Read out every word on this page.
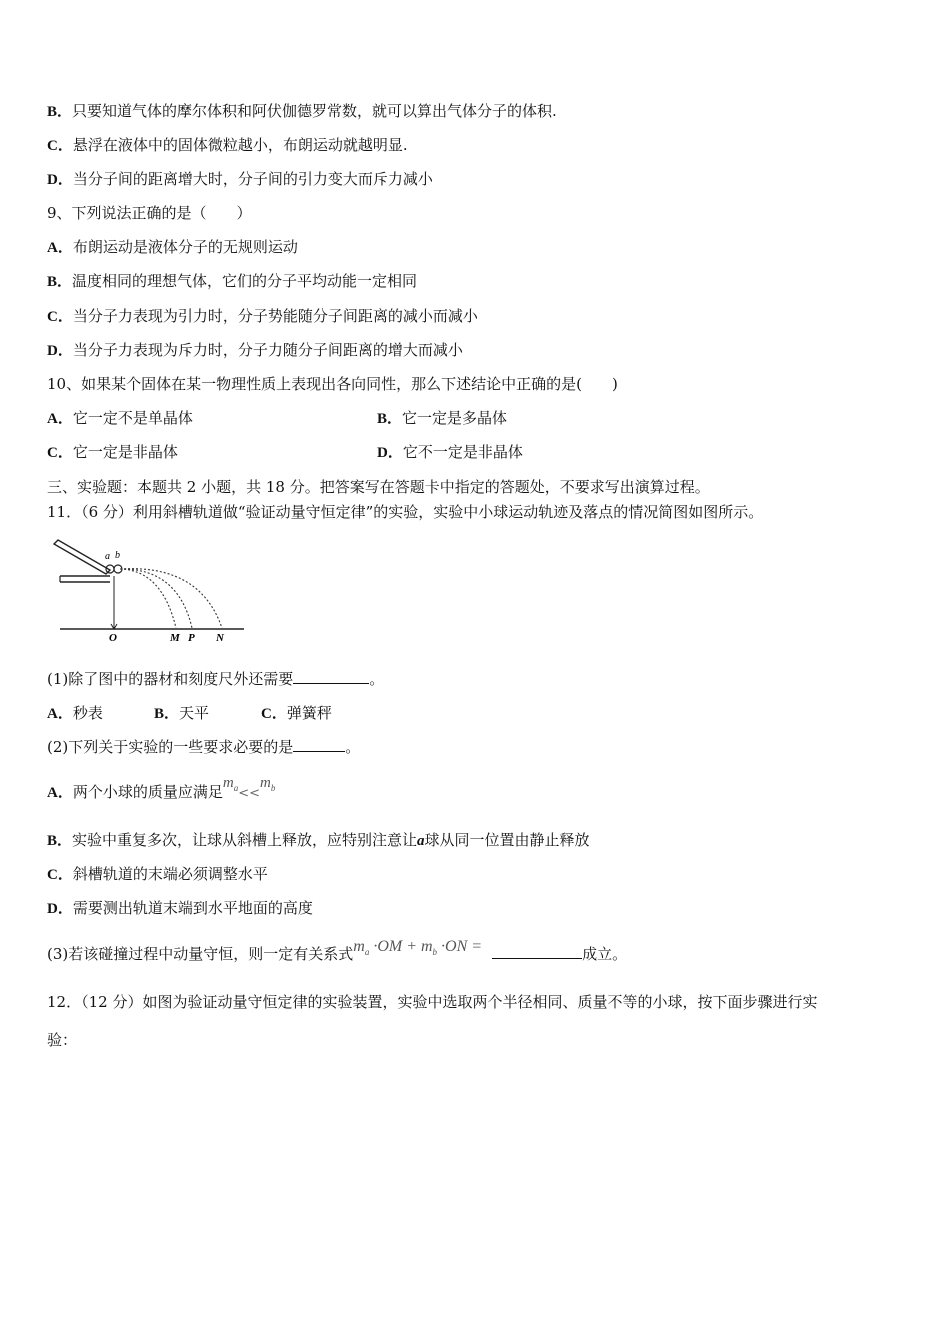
B．只要知道气体的摩尔体积和阿伏伽德罗常数，就可以算出气体分子的体积.
C．悬浮在液体中的固体微粒越小，布朗运动就越明显.
D．当分子间的距离增大时，分子间的引力变大而斥力减小
9、下列说法正确的是（　　）
A．布朗运动是液体分子的无规则运动
B．温度相同的理想气体，它们的分子平均动能一定相同
C．当分子力表现为引力时，分子势能随分子间距离的减小而减小
D．当分子力表现为斥力时，分子力随分子间距离的增大而减小
10、如果某个固体在某一物理性质上表现出各向同性，那么下述结论中正确的是(　　)
A．它一定不是单晶体	B．它一定是多晶体
C．它一定是非晶体	D．它不一定是非晶体
三、实验题：本题共 2 小题，共 18 分。把答案写在答题卡中指定的答题处，不要求写出演算过程。
11．（6 分）利用斜槽轨道做“验证动量守恒定律”的实验，实验中小球运动轨迹及落点的情况简图如图所示。
a b
O	M P N
(1)除了图中的器材和刻度尺外还需要	。
A．秒表	B．天平	C．弹簧秤
(2)下列关于实验的一些要求必要的是	。
A．两个小球的质量应满足$m_a<<m_b$
B．实验中重复多次，让球从斜槽上释放，应特别注意让a球从同一位置由静止释放
C．斜槽轨道的末端必须调整水平
D．需要测出轨道末端到水平地面的高度
(3)若该碰撞过程中动量守恒，则一定有关系式$m_a \cdot OM + m_b \cdot ON$ =	成立。
12．（12 分）如图为验证动量守恒定律的实验装置，实验中选取两个半径相同、质量不等的小球，按下面步骤进行实
验：
